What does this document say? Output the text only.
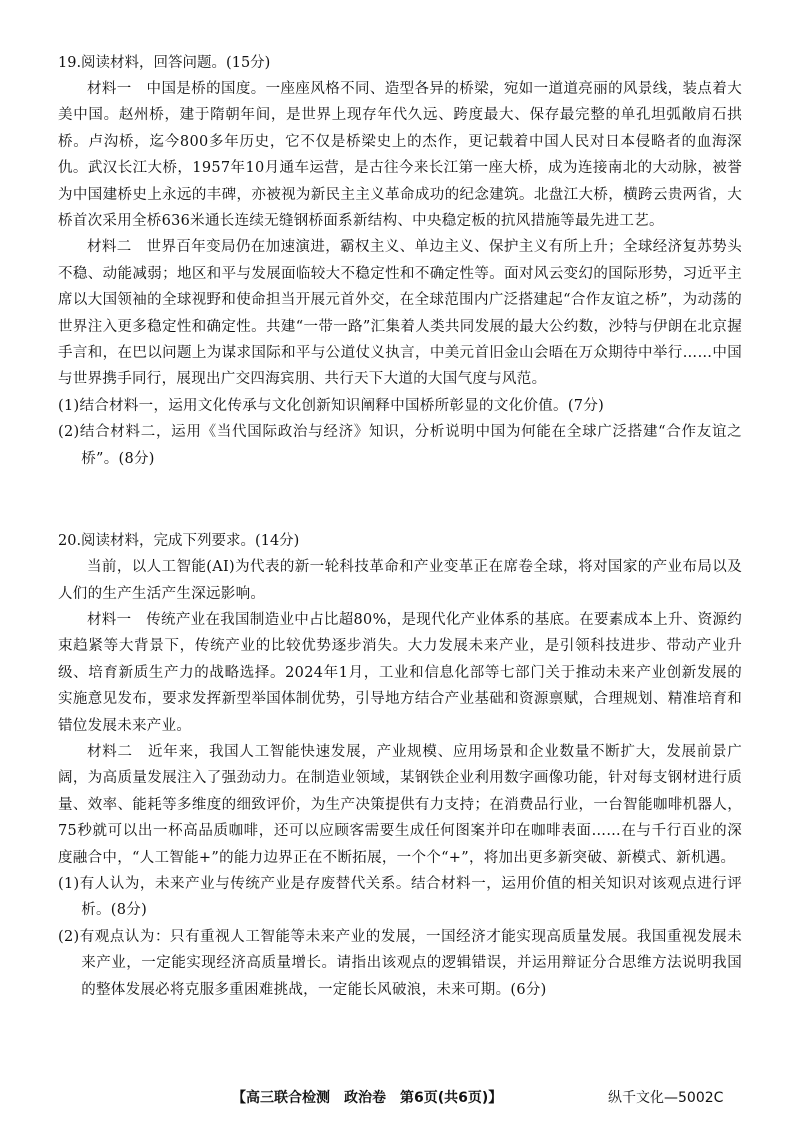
19.阅读材料，回答问题。(15分)

材料一　中国是桥的国度。一座座风格不同、造型各异的桥梁，宛如一道道亮丽的风景线，装点着大美中国。赵州桥，建于隋朝年间，是世界上现存年代久远、跨度最大、保存最完整的单孔坦弧敞肩石拱桥。卢沟桥，迄今800多年历史，它不仅是桥梁史上的杰作，更记载着中国人民对日本侵略者的血海深仇。武汉长江大桥，1957年10月通车运营，是古往今来长江第一座大桥，成为连接南北的大动脉，被誉为中国建桥史上永远的丰碑，亦被视为新民主主义革命成功的纪念建筑。北盘江大桥，横跨云贵两省，大桥首次采用全桥636米通长连续无缝钢桥面系新结构、中央稳定板的抗风措施等最先进工艺。

材料二　世界百年变局仍在加速演进，霸权主义、单边主义、保护主义有所上升；全球经济复苏势头不稳、动能减弱；地区和平与发展面临较大不稳定性和不确定性等。面对风云变幻的国际形势，习近平主席以大国领袖的全球视野和使命担当开展元首外交，在全球范围内广泛搭建起“合作友谊之桥”，为动荡的世界注入更多稳定性和确定性。共建“一带一路”汇集着人类共同发展的最大公约数，沙特与伊朗在北京握手言和，在巴以问题上为谋求国际和平与公道仗义执言，中美元首旧金山会晤在万众期待中举行……中国与世界携手同行，展现出广交四海宾朋、共行天下大道的大国气度与风范。

(1)结合材料一，运用文化传承与文化创新知识阐释中国桥所彰显的文化价值。(7分)

(2)结合材料二，运用《当代国际政治与经济》知识，分析说明中国为何能在全球广泛搭建“合作友谊之桥”。(8分)

20.阅读材料，完成下列要求。(14分)

当前，以人工智能(AI)为代表的新一轮科技革命和产业变革正在席卷全球，将对国家的产业布局以及人们的生产生活产生深远影响。

材料一　传统产业在我国制造业中占比超80%，是现代化产业体系的基底。在要素成本上升、资源约束趋紧等大背景下，传统产业的比较优势逐步消失。大力发展未来产业，是引领科技进步、带动产业升级、培育新质生产力的战略选择。2024年1月，工业和信息化部等七部门关于推动未来产业创新发展的实施意见发布，要求发挥新型举国体制优势，引导地方结合产业基础和资源禀赋，合理规划、精准培育和错位发展未来产业。

材料二　近年来，我国人工智能快速发展，产业规模、应用场景和企业数量不断扩大，发展前景广阔，为高质量发展注入了强劲动力。在制造业领域，某钢铁企业利用数字画像功能，针对每支钢材进行质量、效率、能耗等多维度的细致评价，为生产决策提供有力支持；在消费品行业，一台智能咖啡机器人，75秒就可以出一杯高品质咖啡，还可以应顾客需要生成任何图案并印在咖啡表面……在与千行百业的深度融合中，“人工智能+”的能力边界正在不断拓展，一个个“+”，将加出更多新突破、新模式、新机遇。

(1)有人认为，未来产业与传统产业是存废替代关系。结合材料一，运用价值的相关知识对该观点进行评析。(8分)

(2)有观点认为：只有重视人工智能等未来产业的发展，一国经济才能实现高质量发展。我国重视发展未来产业，一定能实现经济高质量增长。请指出该观点的逻辑错误，并运用辩证分合思维方法说明我国的整体发展必将克服多重困难挑战，一定能长风破浪，未来可期。(6分)

【高三联合检测　政治卷　第6页(共6页)】	纵千文化—5002C
